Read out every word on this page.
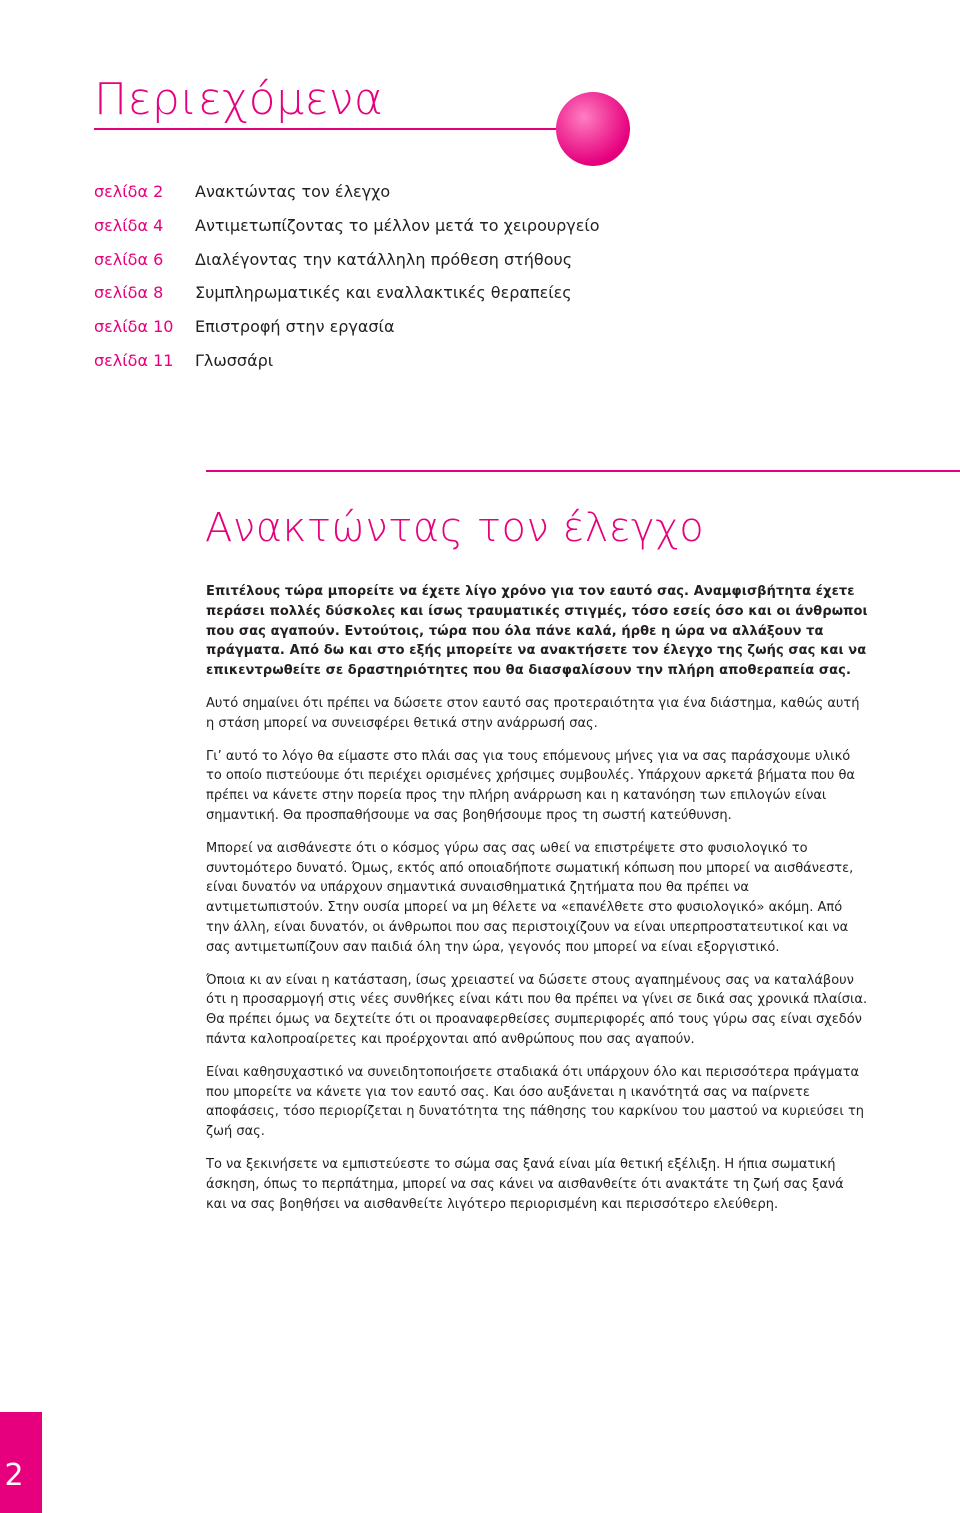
Περιεχόμενα
σελίδα 2	Ανακτώντας τον έλεγχο
σελίδα 4	Αντιμετωπίζοντας το μέλλον μετά το χειρουργείο
σελίδα 6	Διαλέγοντας την κατάλληλη πρόθεση στήθους
σελίδα 8	Συμπληρωματικές και εναλλακτικές θεραπείες
σελίδα 10	Επιστροφή στην εργασία
σελίδα 11	Γλωσσάρι
Ανακτώντας τον έλεγχο

Επιτέλους τώρα μπορείτε να έχετε λίγο χρόνο για τον εαυτό σας. Αναμφισβήτητα έχετε περάσει πολλές δύσκολες και ίσως τραυματικές στιγμές, τόσο εσείς όσο και οι άνθρωποι που σας αγαπούν. Εντούτοις, τώρα που όλα πάνε καλά, ήρθε η ώρα να αλλάξουν τα πράγματα. Από δω και στο εξής μπορείτε να ανακτήσετε τον έλεγχο της ζωής σας και να επικεντρωθείτε σε δραστηριότητες που θα διασφαλίσουν την πλήρη αποθεραπεία σας.

Αυτό σημαίνει ότι πρέπει να δώσετε στον εαυτό σας προτεραιότητα για ένα διάστημα, καθώς αυτή η στάση μπορεί να συνεισφέρει θετικά στην ανάρρωσή σας.

Γι’ αυτό το λόγο θα είμαστε στο πλάι σας για τους επόμενους μήνες για να σας παράσχουμε υλικό το οποίο πιστεύουμε ότι περιέχει ορισμένες χρήσιμες συμβουλές. Υπάρχουν αρκετά βήματα που θα πρέπει να κάνετε στην πορεία προς την πλήρη ανάρρωση και η κατανόηση των επιλογών είναι σημαντική. Θα προσπαθήσουμε να σας βοηθήσουμε προς τη σωστή κατεύθυνση.

Μπορεί να αισθάνεστε ότι ο κόσμος γύρω σας σας ωθεί να επιστρέψετε στο φυσιολογικό το συντομότερο δυνατό. Όμως, εκτός από οποιαδήποτε σωματική κόπωση που μπορεί να αισθάνεστε, είναι δυνατόν να υπάρχουν σημαντικά συναισθηματικά ζητήματα που θα πρέπει να αντιμετωπιστούν. Στην ουσία μπορεί να μη θέλετε να «επανέλθετε στο φυσιολογικό» ακόμη. Από την άλλη, είναι δυνατόν, οι άνθρωποι που σας περιστοιχίζουν να είναι υπερπροστατευτικοί και να σας αντιμετωπίζουν σαν παιδιά όλη την ώρα, γεγονός που μπορεί να είναι εξοργιστικό.

Όποια κι αν είναι η κατάσταση, ίσως χρειαστεί να δώσετε στους αγαπημένους σας να καταλάβουν ότι η προσαρμογή στις νέες συνθήκες είναι κάτι που θα πρέπει να γίνει σε δικά σας χρονικά πλαίσια. Θα πρέπει όμως να δεχτείτε ότι οι προαναφερθείσες συμπεριφορές από τους γύρω σας είναι σχεδόν πάντα καλοπροαίρετες και προέρχονται από ανθρώπους που σας αγαπούν.

Είναι καθησυχαστικό να συνειδητοποιήσετε σταδιακά ότι υπάρχουν όλο και περισσότερα πράγματα που μπορείτε να κάνετε για τον εαυτό σας. Και όσο αυξάνεται η ικανότητά σας να παίρνετε αποφάσεις, τόσο περιορίζεται η δυνατότητα της πάθησης του καρκίνου του μαστού να κυριεύσει τη ζωή σας.

Το να ξεκινήσετε να εμπιστεύεστε το σώμα σας ξανά είναι μία θετική εξέλιξη. Η ήπια σωματική άσκηση, όπως το περπάτημα, μπορεί να σας κάνει να αισθανθείτε ότι ανακτάτε τη ζωή σας ξανά και να σας βοηθήσει να αισθανθείτε λιγότερο περιορισμένη και περισσότερο ελεύθερη.

2
